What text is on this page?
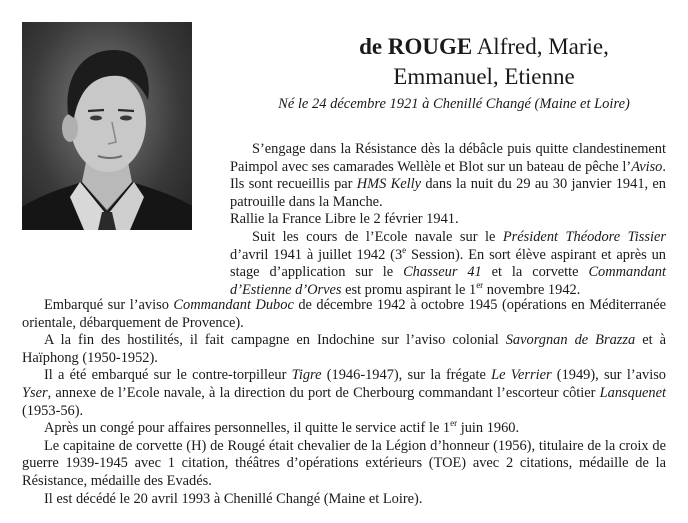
de ROUGE Alfred, Marie,
Emmanuel, Etienne
Né le 24 décembre 1921 à Chenillé Changé (Maine et Loire)

S’engage dans la Résistance dès la débâcle puis quitte clandestinement Paimpol avec ses camarades Wellèle et Blot sur un bateau de pêche l’Aviso. Ils sont recueillis par HMS Kelly dans la nuit du 29 au 30 janvier 1941, en patrouille dans la Manche.

Rallie la France Libre le 2 février 1941.

Suit les cours de l’Ecole navale sur le Président Théodore Tissier d’avril 1941 à juillet 1942 (3e Session). En sort élève aspirant et après un stage d’application sur le Chasseur 41 et la corvette Commandant d’Estienne d’Orves est promu aspirant le 1er novembre 1942.

Embarqué sur l’aviso Commandant Duboc de décembre 1942 à octobre 1945 (opérations en Méditerranée orientale, débarquement de Provence).

A la fin des hostilités, il fait campagne en Indochine sur l’aviso colonial Savorgnan de Brazza et à Haïphong (1950-1952).

Il a été embarqué sur le contre-torpilleur Tigre (1946-1947), sur la frégate Le Verrier (1949), sur l’aviso Yser, annexe de l’Ecole navale, à la direction du port de Cherbourg commandant l’escorteur côtier Lansquenet (1953-56).

Après un congé pour affaires personnelles, il quitte le service actif le 1er juin 1960.

Le capitaine de corvette (H) de Rougé était chevalier de la Légion d’honneur (1956), titulaire de la croix de guerre 1939-1945 avec 1 citation, théâtres d’opérations extérieurs (TOE) avec 2 citations, médaille de la Résistance, médaille des Evadés.

Il est décédé le 20 avril 1993 à Chenillé Changé (Maine et Loire).
